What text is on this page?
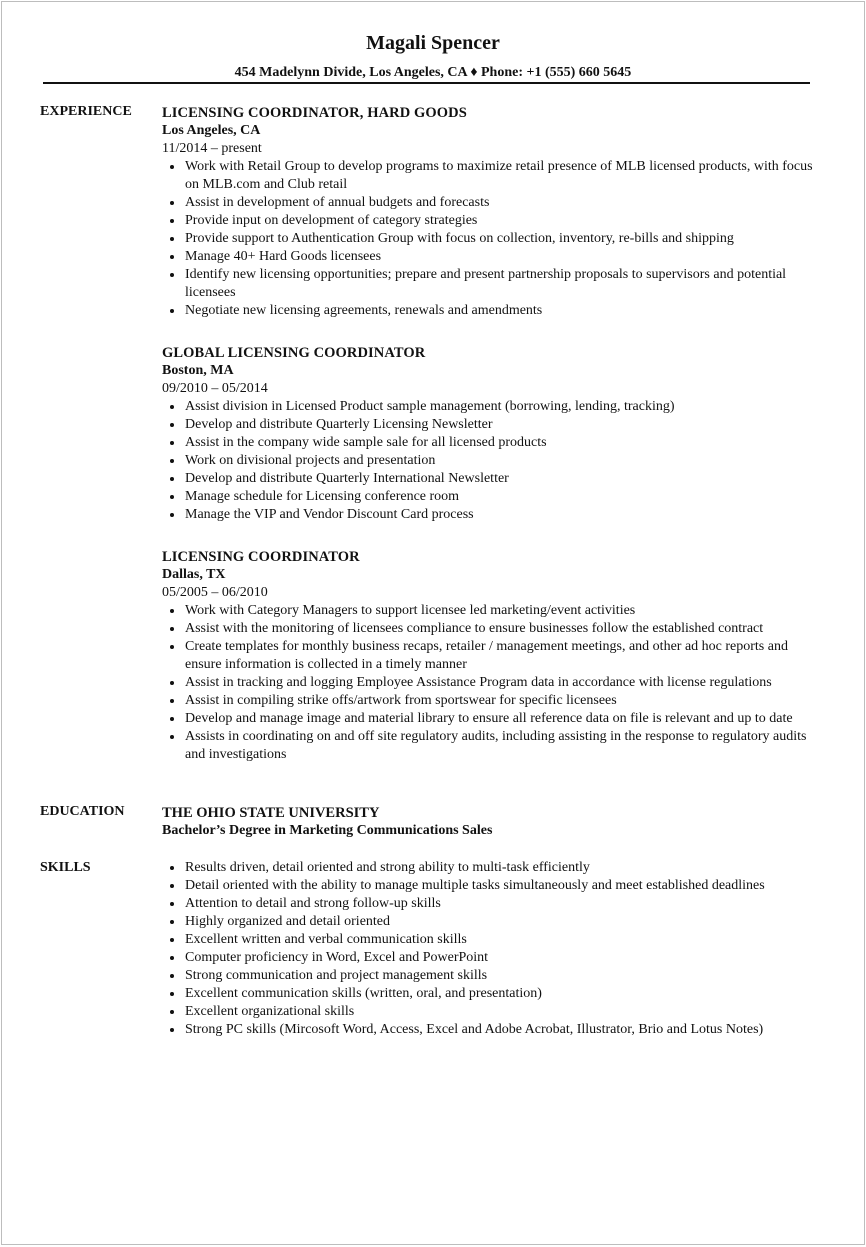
Magali Spencer
454 Madelynn Divide, Los Angeles, CA ♦ Phone: +1 (555) 660 5645
EXPERIENCE LICENSING COORDINATOR, HARD GOODS
Los Angeles, CA
11/2014 – present
Work with Retail Group to develop programs to maximize retail presence of MLB licensed products, with focus on MLB.com and Club retail
Assist in development of annual budgets and forecasts
Provide input on development of category strategies
Provide support to Authentication Group with focus on collection, inventory, re-bills and shipping
Manage 40+ Hard Goods licensees
Identify new licensing opportunities; prepare and present partnership proposals to supervisors and potential licensees
Negotiate new licensing agreements, renewals and amendments
GLOBAL LICENSING COORDINATOR
Boston, MA
09/2010 – 05/2014
Assist division in Licensed Product sample management (borrowing, lending, tracking)
Develop and distribute Quarterly Licensing Newsletter
Assist in the company wide sample sale for all licensed products
Work on divisional projects and presentation
Develop and distribute Quarterly International Newsletter
Manage schedule for Licensing conference room
Manage the VIP and Vendor Discount Card process
LICENSING COORDINATOR
Dallas, TX
05/2005 – 06/2010
Work with Category Managers to support licensee led marketing/event activities
Assist with the monitoring of licensees compliance to ensure businesses follow the established contract
Create templates for monthly business recaps, retailer / management meetings, and other ad hoc reports and ensure information is collected in a timely manner
Assist in tracking and logging Employee Assistance Program data in accordance with license regulations
Assist in compiling strike offs/artwork from sportswear for specific licensees
Develop and manage image and material library to ensure all reference data on file is relevant and up to date
Assists in coordinating on and off site regulatory audits, including assisting in the response to regulatory audits and investigations
EDUCATION	THE OHIO STATE UNIVERSITY
Bachelor’s Degree in Marketing Communications Sales
SKILLS	Results driven, detail oriented and strong ability to multi-task efficiently
Detail oriented with the ability to manage multiple tasks simultaneously and meet established deadlines
Attention to detail and strong follow-up skills
Highly organized and detail oriented
Excellent written and verbal communication skills
Computer proficiency in Word, Excel and PowerPoint
Strong communication and project management skills
Excellent communication skills (written, oral, and presentation)
Excellent organizational skills
Strong PC skills (Mircosoft Word, Access, Excel and Adobe Acrobat, Illustrator, Brio and Lotus Notes)
